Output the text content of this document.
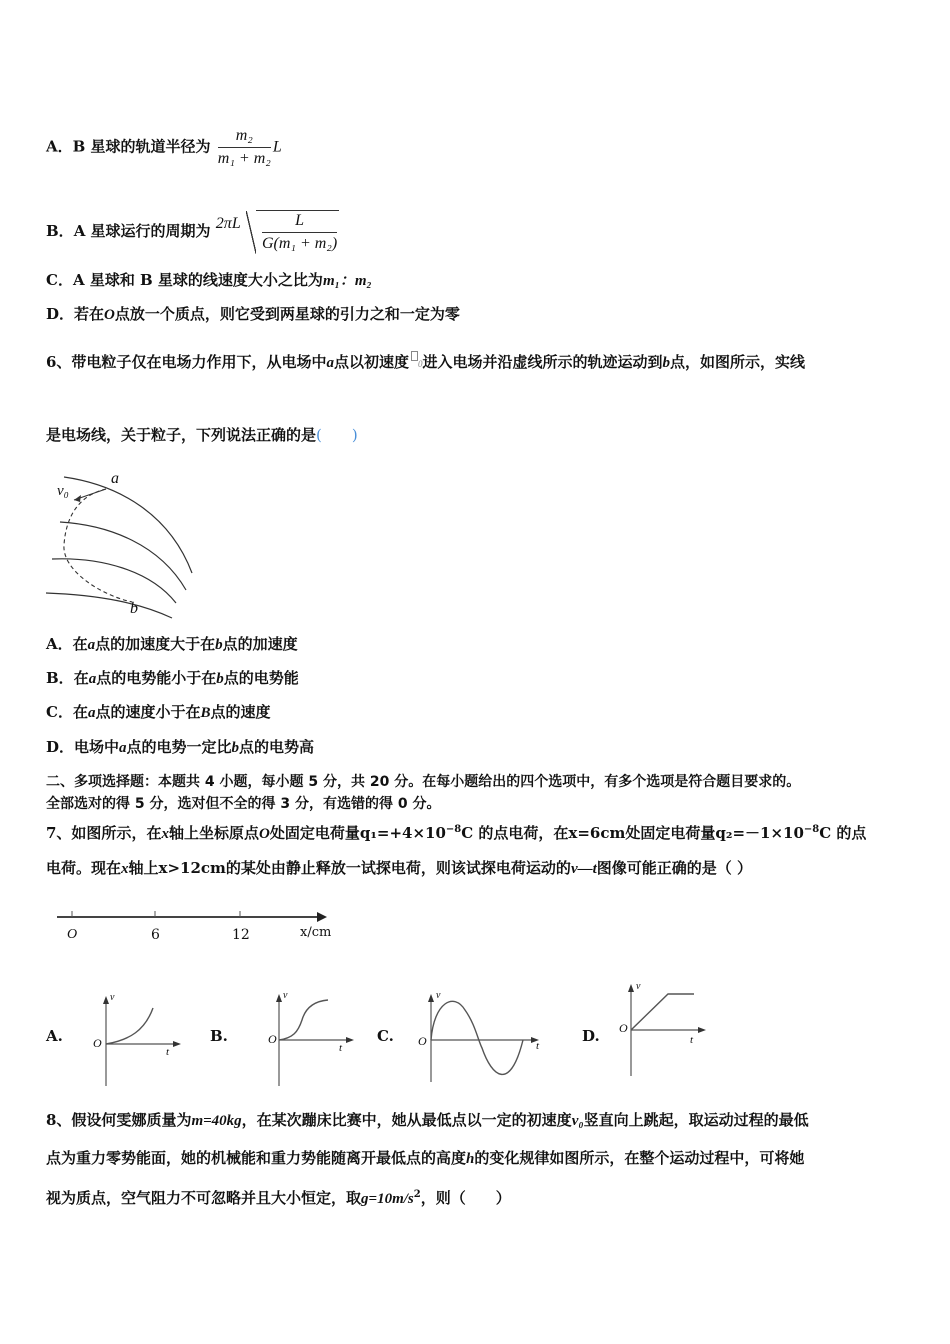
A．B 星球的轨道半径为 $\frac{\text{m₂}}{\text{m₁ + m₂}}$ L
B．A 星球运行的周期为 $2\pi L \frac{L}{\text{G(m₁ + m₂)}}$
C．A 星球和 B 星球的线速度大小之比为m₁：m₂
D．若在O点放一个质点，则它受到两星球的引力之和一定为零
6、带电粒子仅在电场力作用下，从电场中a点以初速度 0进入电场并沿虚线所示的轨迹运动到b点，如图所示，实线
是电场线，关于粒子，下列说法正确的是(　　)
v₀
a
b
A．在a点的加速度大于在b点的加速度
B．在a点的电势能小于在b点的电势能
C．在a点的速度小于在B点的速度
D．电场中a点的电势一定比b点的电势高
二、多项选择题：本题共 4 小题，每小题 5 分，共 20 分。在每小题给出的四个选项中，有多个选项是符合题目要求的。
全部选对的得 5 分，选对但不全的得 3 分，有选错的得 0 分。
7、如图所示，在x轴上坐标原点O处固定电荷量$q_1=+4\times 10^{-8}C$ 的点电荷，在x=6cm处固定电荷量$q_2=-1\times 10^{-8}C$ 的点
电荷。现在x轴上x>12cm的某处由静止释放一试探电荷，则该试探电荷运动的v—t图像可能正确的是（ ）
O	6	12	x/cm
A.	O
v
t
B.	O
v
t
C. O
v
t
D. O
v
t
8、假设何雯娜质量为m=40kg，在某次蹦床比赛中，她从最低点以一定的初速度v₀竖直向上跳起，取运动过程的最低
点为重力零势能面，她的机械能和重力势能随离开最低点的高度h的变化规律如图所示，在整个运动过程中，可将她
视为质点，空气阻力不可忽略并且大小恒定，取$g=10m/s^2$，则（　　）
